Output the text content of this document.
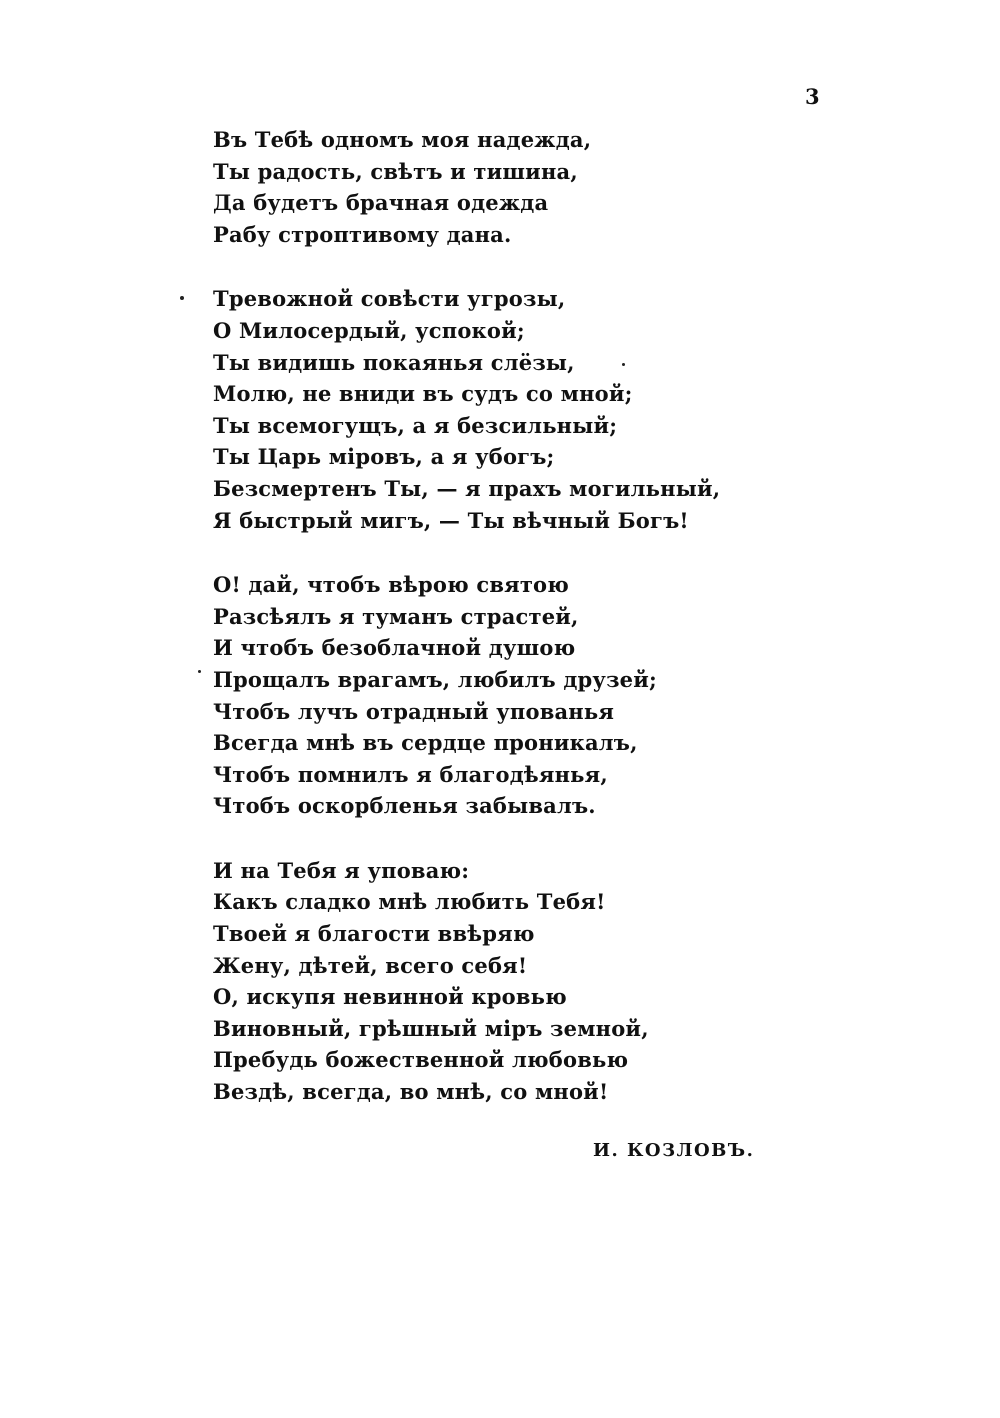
3
Въ Тебѣ одномъ моя надежда,
Ты радость, свѣтъ и тишина,
Да будетъ брачная одежда
Рабу строптивому дана.
Тревожной совѣсти угрозы,
О Милосердый, успокой;
Ты видишь покаянья слёзы,
Молю, не вниди въ судъ со мной;
Ты всемогущъ, а я безсильный;
Ты Царь міровъ, а я убогъ;
Безсмертенъ Ты, — я прахъ могильный,
Я быстрый мигъ, — Ты вѣчный Богъ!
О! дай, чтобъ вѣрою святою
Разсѣялъ я туманъ страстей,
И чтобъ безоблачной душою
Прощалъ врагамъ, любилъ друзей;
Чтобъ лучъ отрадный упованья
Всегда мнѣ въ сердце проникалъ,
Чтобъ помнилъ я благодѣянья,
Чтобъ оскорбленья забывалъ.
И на Тебя я уповаю:
Какъ сладко мнѣ любить Тебя!
Твоей я благости ввѣряю
Жену, дѣтей, всего себя!
О, искупя невинной кровью
Виновный, грѣшный міръ земной,
Пребудь божественной любовью
Вездѣ, всегда, во мнѣ, со мной!
И. КОЗЛОВЪ.
